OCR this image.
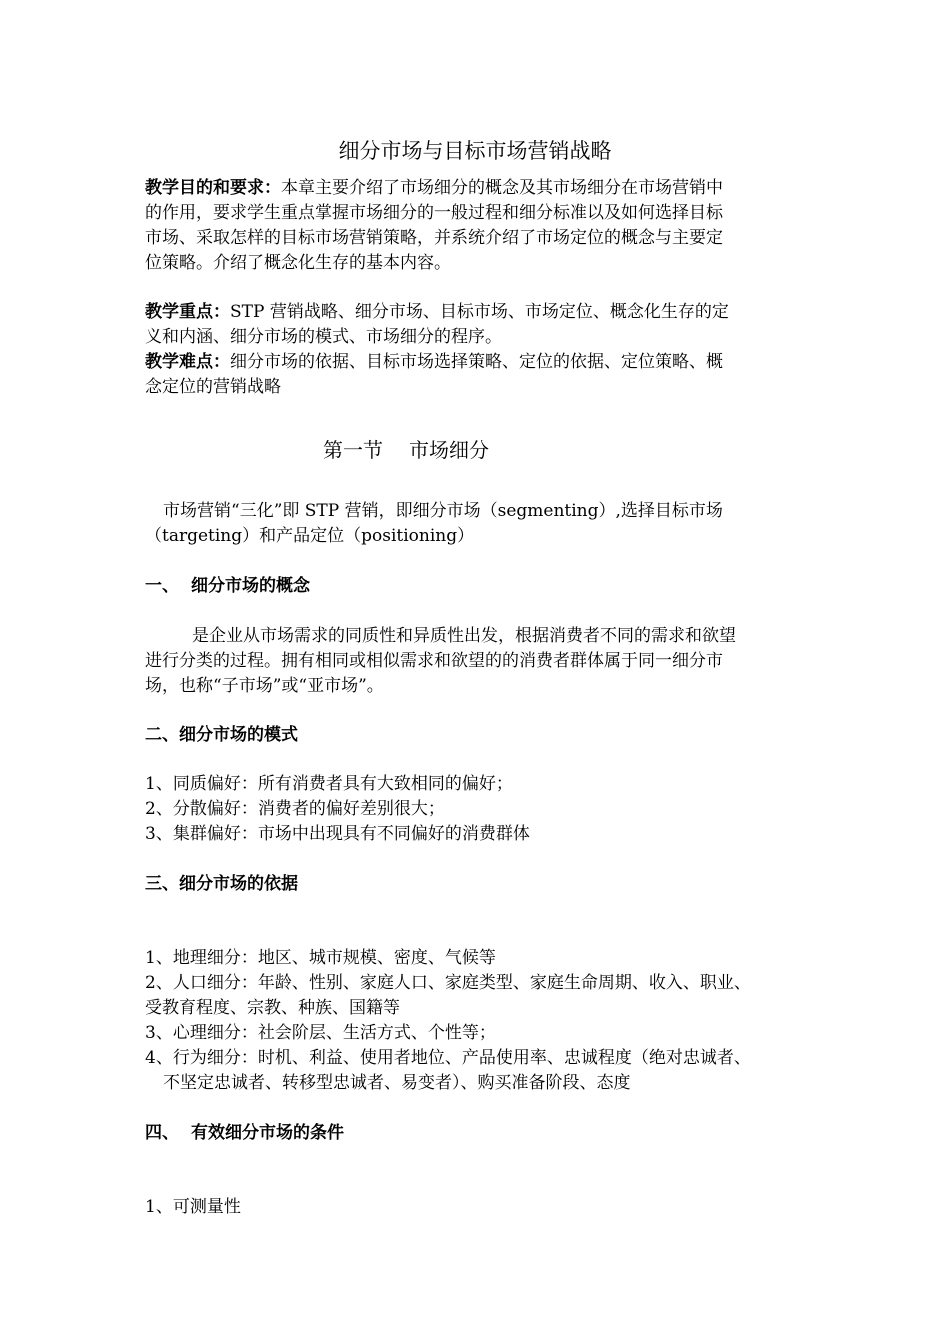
细分市场与目标市场营销战略
教学目的和要求：本章主要介绍了市场细分的概念及其市场细分在市场营销中
的作用，要求学生重点掌握市场细分的一般过程和细分标准以及如何选择目标
市场、采取怎样的目标市场营销策略，并系统介绍了市场定位的概念与主要定
位策略。介绍了概念化生存的基本内容。
教学重点：STP 营销战略、细分市场、目标市场、市场定位、概念化生存的定
义和内涵、细分市场的模式、市场细分的程序。
教学难点：细分市场的依据、目标市场选择策略、定位的依据、定位策略、概
念定位的营销战略
第一节 市场细分
市场营销“三化”即 STP 营销，即细分市场（segmenting）,选择目标市场
（targeting）和产品定位（positioning）
一、 细分市场的概念
是企业从市场需求的同质性和异质性出发，根据消费者不同的需求和欲望
进行分类的过程。拥有相同或相似需求和欲望的的消费者群体属于同一细分市
场，也称“子市场”或“亚市场”。
二、细分市场的模式
1、同质偏好：所有消费者具有大致相同的偏好；
2、分散偏好：消费者的偏好差别很大；
3、集群偏好：市场中出现具有不同偏好的消费群体
三、细分市场的依据
1、地理细分：地区、城市规模、密度、气候等
2、人口细分：年龄、性别、家庭人口、家庭类型、家庭生命周期、收入、职业、
受教育程度、宗教、种族、国籍等
3、心理细分：社会阶层、生活方式、个性等；
4、行为细分：时机、利益、使用者地位、产品使用率、忠诚程度（绝对忠诚者、
不坚定忠诚者、转移型忠诚者、易变者）、购买准备阶段、态度
四、 有效细分市场的条件
1、可测量性
